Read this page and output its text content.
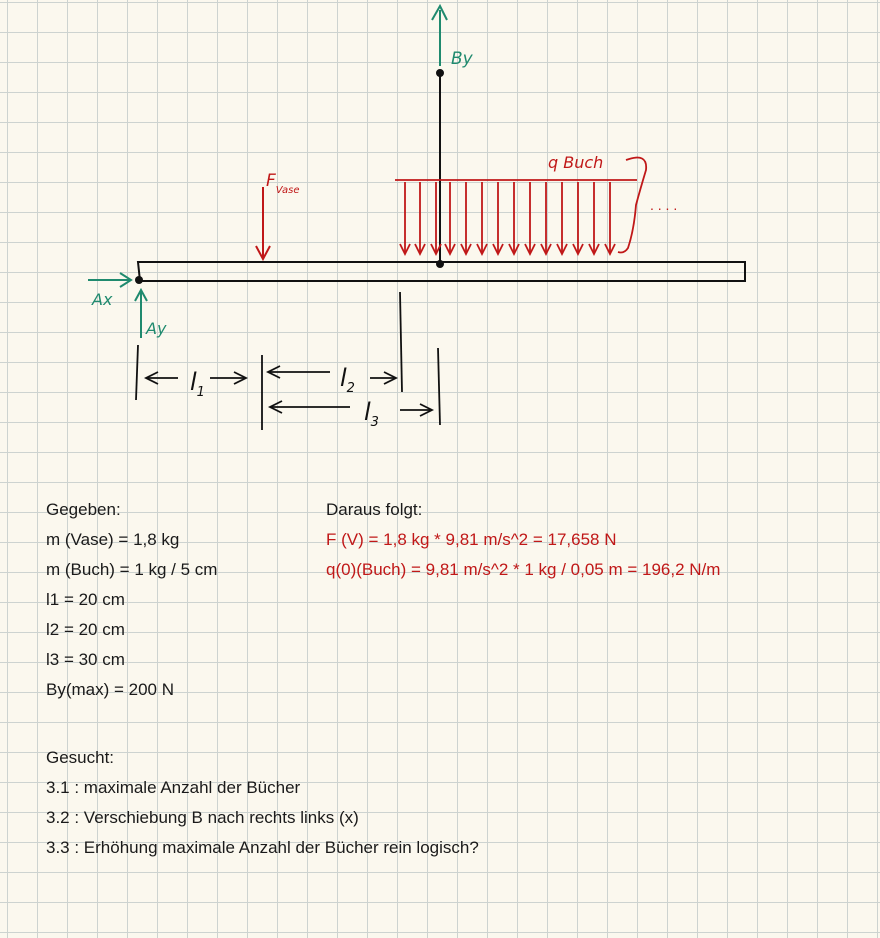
By
Ax
Ay
$F_{Vase}$
q Buch
. . . .
$l_1$
$l_2$
$l_3$
Gegeben:
m (Vase) = 1,8 kg
m (Buch) = 1 kg / 5 cm
l1 = 20 cm
l2 = 20 cm
l3 = 30 cm
By(max) = 200 N
Daraus folgt:
F (V) = 1,8 kg * 9,81 m/s^2 = 17,658 N
q(0)(Buch) = 9,81 m/s^2 * 1 kg / 0,05 m = 196,2 N/m
Gesucht:
3.1 : maximale Anzahl der Bücher
3.2 : Verschiebung B nach rechts links (x)
3.3 : Erhöhung maximale Anzahl der Bücher rein logisch?
